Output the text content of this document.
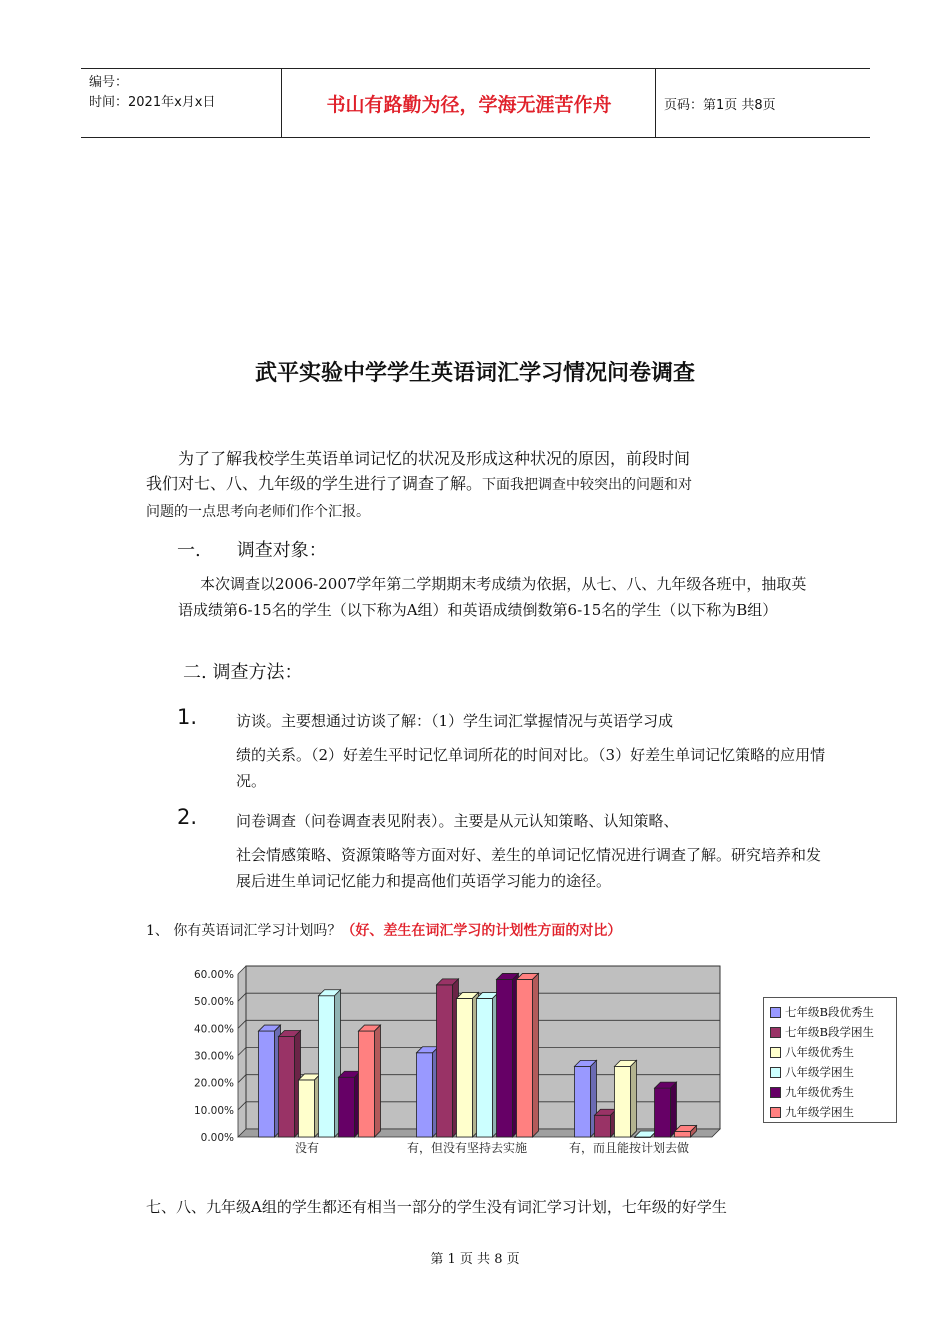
编号：
时间：2021年x月x日	书山有路勤为径，学海无涯苦作舟	页码：第1页 共8页
武平实验中学学生英语词汇学习情况问卷调查
为了了解我校学生英语单词记忆的状况及形成这种状况的原因，前段时间
我们对七、八、九年级的学生进行了调查了解。下面我把调查中较突出的问题和对
问题的一点思考向老师们作个汇报。
一.　　调查对象：
本次调查以2006-2007学年第二学期期末考成绩为依据，从七、八、九年级各班中，抽取英语成绩第6-15名的学生（以下称为A组）和英语成绩倒数第6-15名的学生（以下称为B组）
二. 调查方法：
1.	访谈。主要想通过访谈了解：（1）学生词汇掌握情况与英语学习成
绩的关系。（2）好差生平时记忆单词所花的时间对比。（3）好差生单词记忆策略的应用情况。
2.	问卷调查（问卷调查表见附表）。主要是从元认知策略、认知策略、
社会情感策略、资源策略等方面对好、差生的单词记忆情况进行调查了解。研究培养和发展后进生单词记忆能力和提高他们英语学习能力的途径。
1、 你有英语词汇学习计划吗？（好、差生在词汇学习的计划性方面的对比）
0.00%
10.00%
20.00%
30.00%
40.00%
50.00%
60.00%
没有	有，但没有坚持去实施	有，而且能按计划去做
七年级B段优秀生
七年级B段学困生
八年级优秀生
八年级学困生
九年级优秀生
九年级学困生
七、八、九年级A组的学生都还有相当一部分的学生没有词汇学习计划，七年级的好学生
第 1 页 共 8 页
